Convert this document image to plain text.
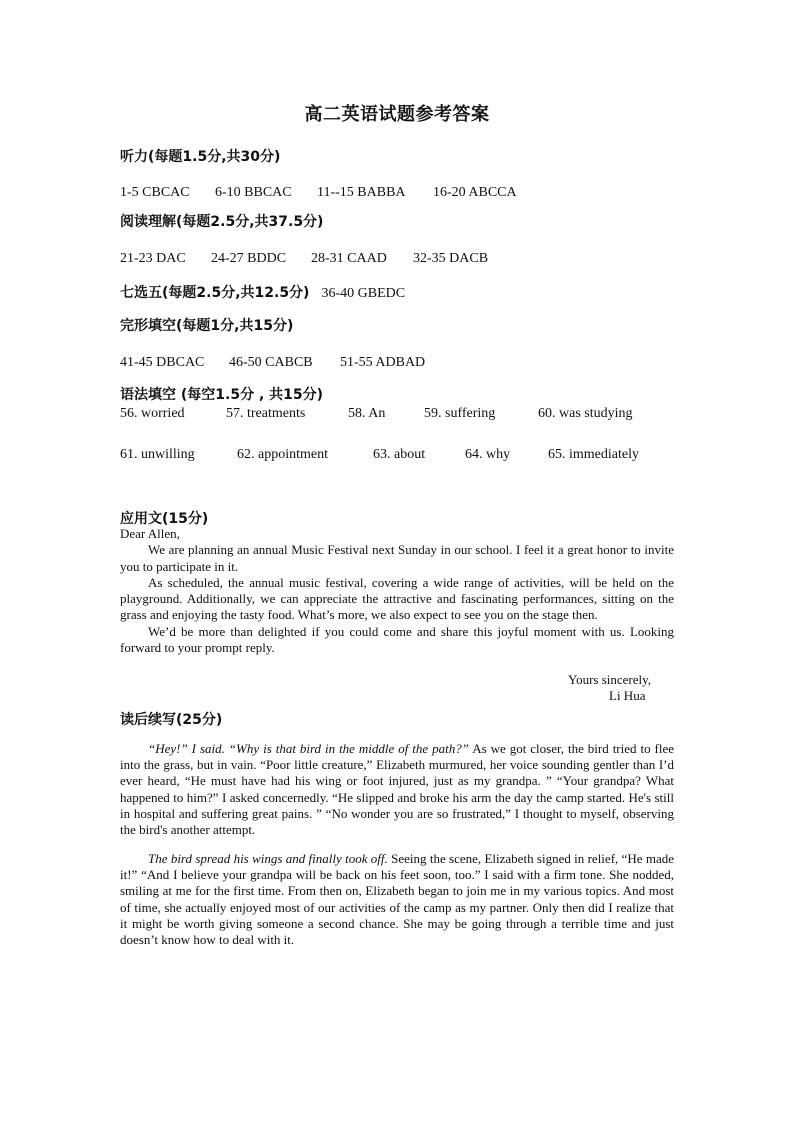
高二英语试题参考答案
听力(每题1.5分,共30分)
1-5 CBCAC 6-10 BBCAC 11--15 BABBA 16-20 ABCCA
阅读理解(每题2.5分,共37.5分)
21-23 DAC 24-27 BDDC 28-31 CAAD 32-35 DACB
七选五(每题2.5分,共12.5分) 36-40 GBEDC
完形填空(每题1分,共15分)
41-45 DBCAC 46-50 CABCB 51-55 ADBAD
语法填空 (每空1.5分 , 共15分)
56. worried	57. treatments	58. An	59. suffering	60. was studying
61. unwilling	62. appointment	63. about	64. why	65. immediately
应用文(15分)

Dear Allen,

We are planning an annual Music Festival next Sunday in our school. I feel it a great honor to invite you to participate in it.

As scheduled, the annual music festival, covering a wide range of activities, will be held on the playground. Additionally, we can appreciate the attractive and fascinating performances, sitting on the grass and enjoying the tasty food. What’s more, we also expect to see you on the stage then.

We’d be more than delighted if you could come and share this joyful moment with us. Looking forward to your prompt reply.

Yours sincerely,
Li Hua
读后续写(25分)

“Hey!” I said. “Why is that bird in the middle of the path?” As we got closer, the bird tried to flee into the grass, but in vain. “Poor little creature,” Elizabeth murmured, her voice sounding gentler than I’d ever heard, “He must have had his wing or foot injured, just as my grandpa. ” “Your grandpa? What happened to him?” I asked concernedly. “He slipped and broke his arm the day the camp started. He's still in hospital and suffering great pains. ” “No wonder you are so frustrated,” I thought to myself, observing the bird's another attempt.

The bird spread his wings and finally took off. Seeing the scene, Elizabeth signed in relief, “He made it!” “And I believe your grandpa will be back on his feet soon, too.” I said with a firm tone. She nodded, smiling at me for the first time. From then on, Elizabeth began to join me in my various topics. And most of time, she actually enjoyed most of our activities of the camp as my partner. Only then did I realize that it might be worth giving someone a second chance. She may be going through a terrible time and just doesn’t know how to deal with it.
